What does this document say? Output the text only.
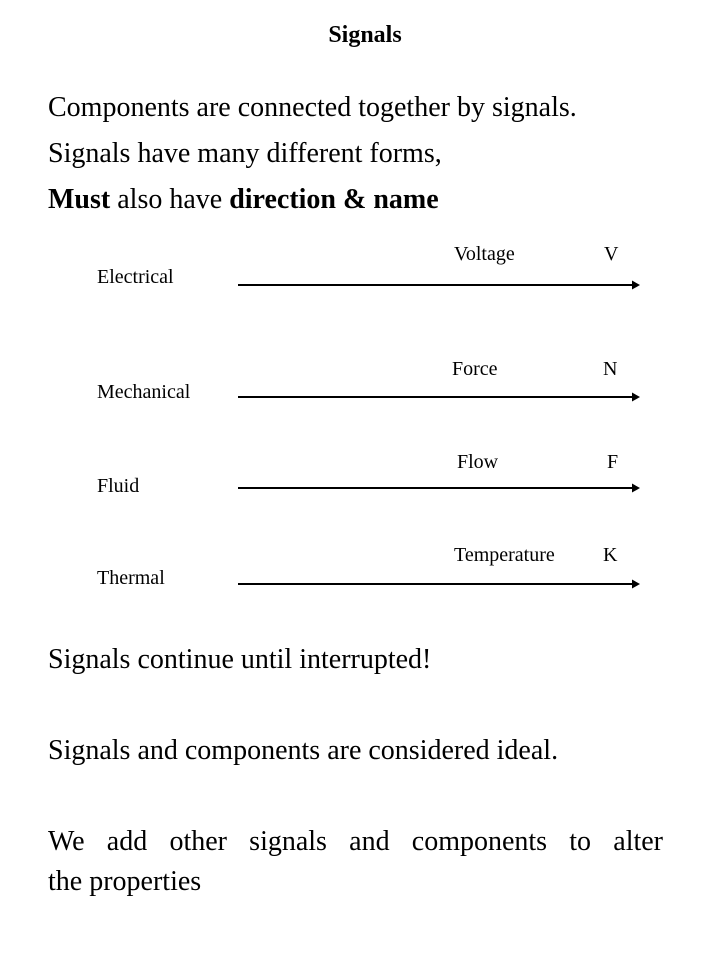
Signals
Components are connected together by signals.
Signals have many different forms,
Must also have direction & name
Electrical
Voltage	V
Mechanical
Force	N
Fluid
Flow	F
Thermal
Temperature K
Signals continue until interrupted!
Signals and components are considered ideal.
We add other signals and components to alter
the properties
